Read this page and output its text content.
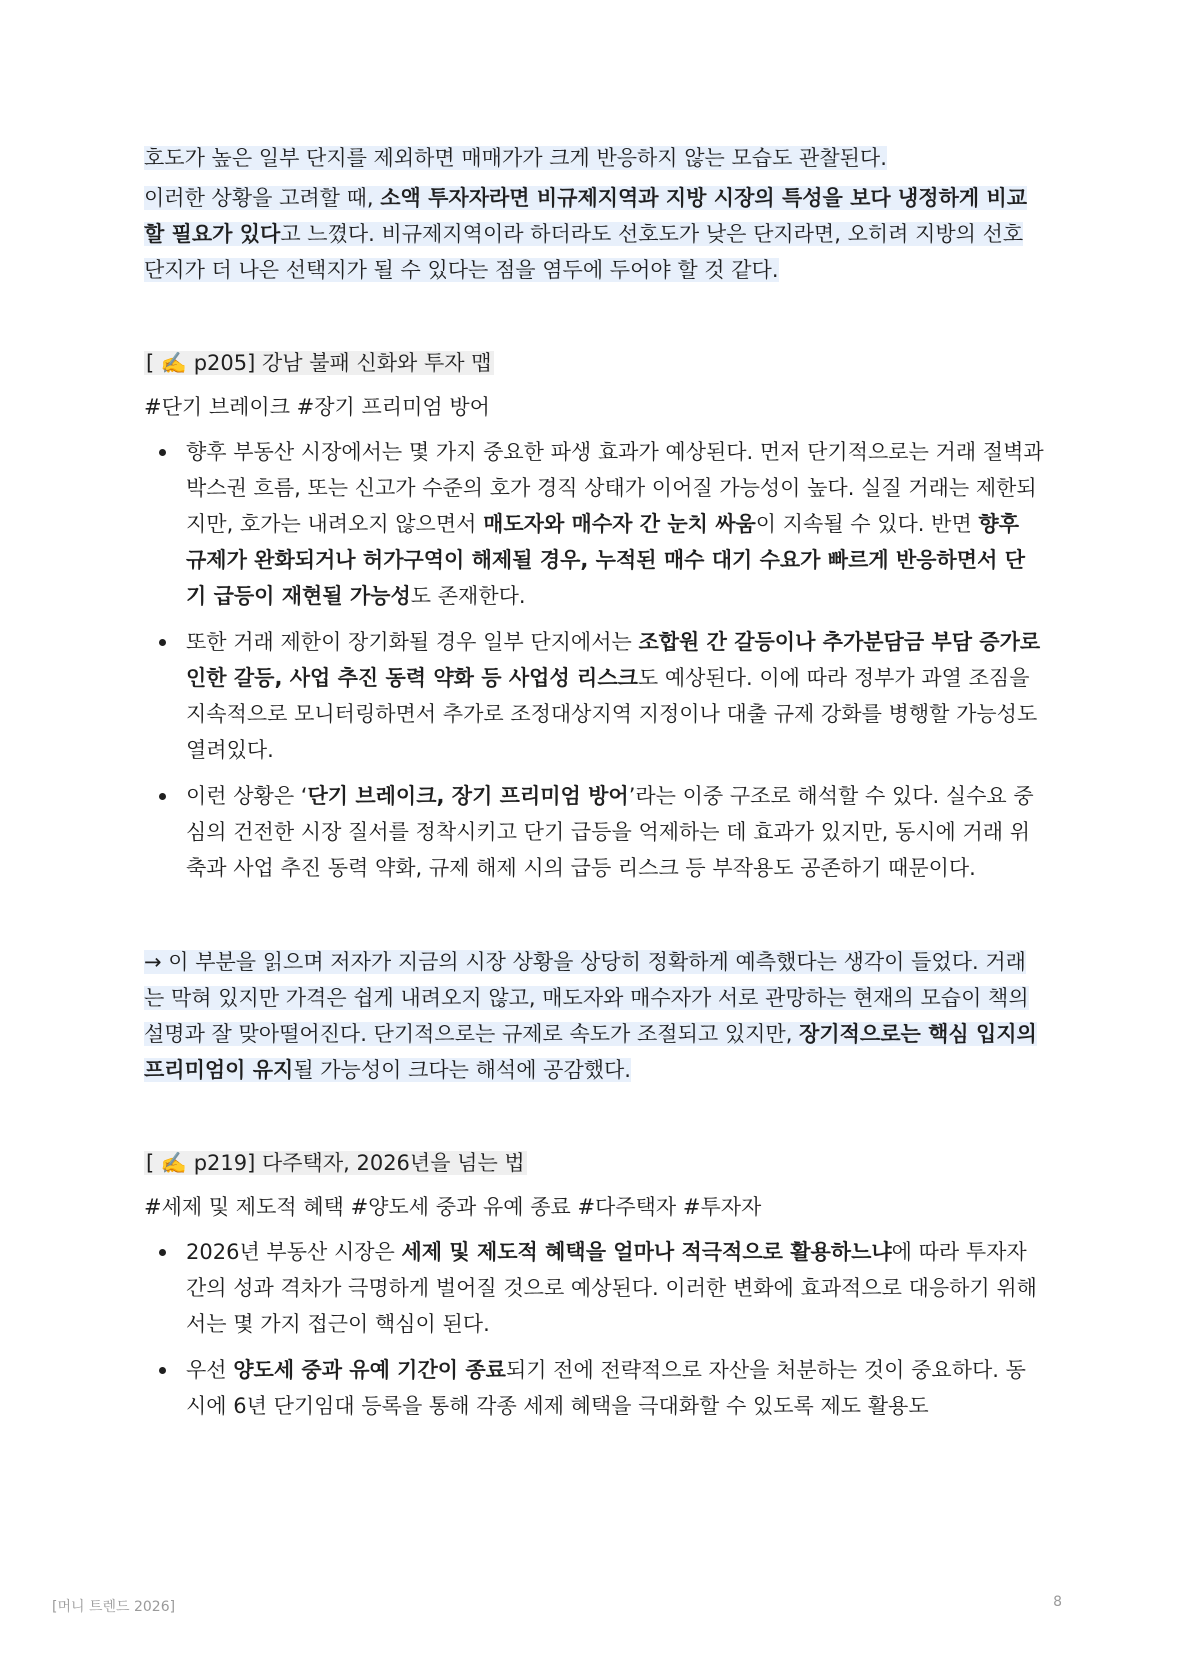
호도가 높은 일부 단지를 제외하면 매매가가 크게 반응하지 않는 모습도 관찰된다.

이러한 상황을 고려할 때, 소액 투자자라면 비규제지역과 지방 시장의 특성을 보다 냉정하게 비교할 필요가 있다고 느꼈다. 비규제지역이라 하더라도 선호도가 낮은 단지라면, 오히려 지방의 선호 단지가 더 나은 선택지가 될 수 있다는 점을 염두에 두어야 할 것 같다.

[ ✍️ p205] 강남 불패 신화와 투자 맵

#단기 브레이크 #장기 프리미엄 방어

향후 부동산 시장에서는 몇 가지 중요한 파생 효과가 예상된다. 먼저 단기적으로는 거래 절벽과 박스권 흐름, 또는 신고가 수준의 호가 경직 상태가 이어질 가능성이 높다. 실질 거래는 제한되지만, 호가는 내려오지 않으면서 매도자와 매수자 간 눈치 싸움이 지속될 수 있다. 반면 향후 규제가 완화되거나 허가구역이 해제될 경우, 누적된 매수 대기 수요가 빠르게 반응하면서 단기 급등이 재현될 가능성도 존재한다.
또한 거래 제한이 장기화될 경우 일부 단지에서는 조합원 간 갈등이나 추가분담금 부담 증가로 인한 갈등, 사업 추진 동력 약화 등 사업성 리스크도 예상된다. 이에 따라 정부가 과열 조짐을 지속적으로 모니터링하면서 추가로 조정대상지역 지정이나 대출 규제 강화를 병행할 가능성도 열려있다.
이런 상황은 ‘단기 브레이크, 장기 프리미엄 방어’라는 이중 구조로 해석할 수 있다. 실수요 중심의 건전한 시장 질서를 정착시키고 단기 급등을 억제하는 데 효과가 있지만, 동시에 거래 위축과 사업 추진 동력 약화, 규제 해제 시의 급등 리스크 등 부작용도 공존하기 때문이다.

→ 이 부분을 읽으며 저자가 지금의 시장 상황을 상당히 정확하게 예측했다는 생각이 들었다. 거래는 막혀 있지만 가격은 쉽게 내려오지 않고, 매도자와 매수자가 서로 관망하는 현재의 모습이 책의 설명과 잘 맞아떨어진다. 단기적으로는 규제로 속도가 조절되고 있지만, 장기적으로는 핵심 입지의 프리미엄이 유지될 가능성이 크다는 해석에 공감했다.

[ ✍️ p219] 다주택자, 2026년을 넘는 법

#세제 및 제도적 혜택 #양도세 중과 유예 종료 #다주택자 #투자자

2026년 부동산 시장은 세제 및 제도적 혜택을 얼마나 적극적으로 활용하느냐에 따라 투자자 간의 성과 격차가 극명하게 벌어질 것으로 예상된다. 이러한 변화에 효과적으로 대응하기 위해서는 몇 가지 접근이 핵심이 된다.
우선 양도세 중과 유예 기간이 종료되기 전에 전략적으로 자산을 처분하는 것이 중요하다. 동시에 6년 단기임대 등록을 통해 각종 세제 혜택을 극대화할 수 있도록 제도 활용도
[머니 트렌드 2026]	8
